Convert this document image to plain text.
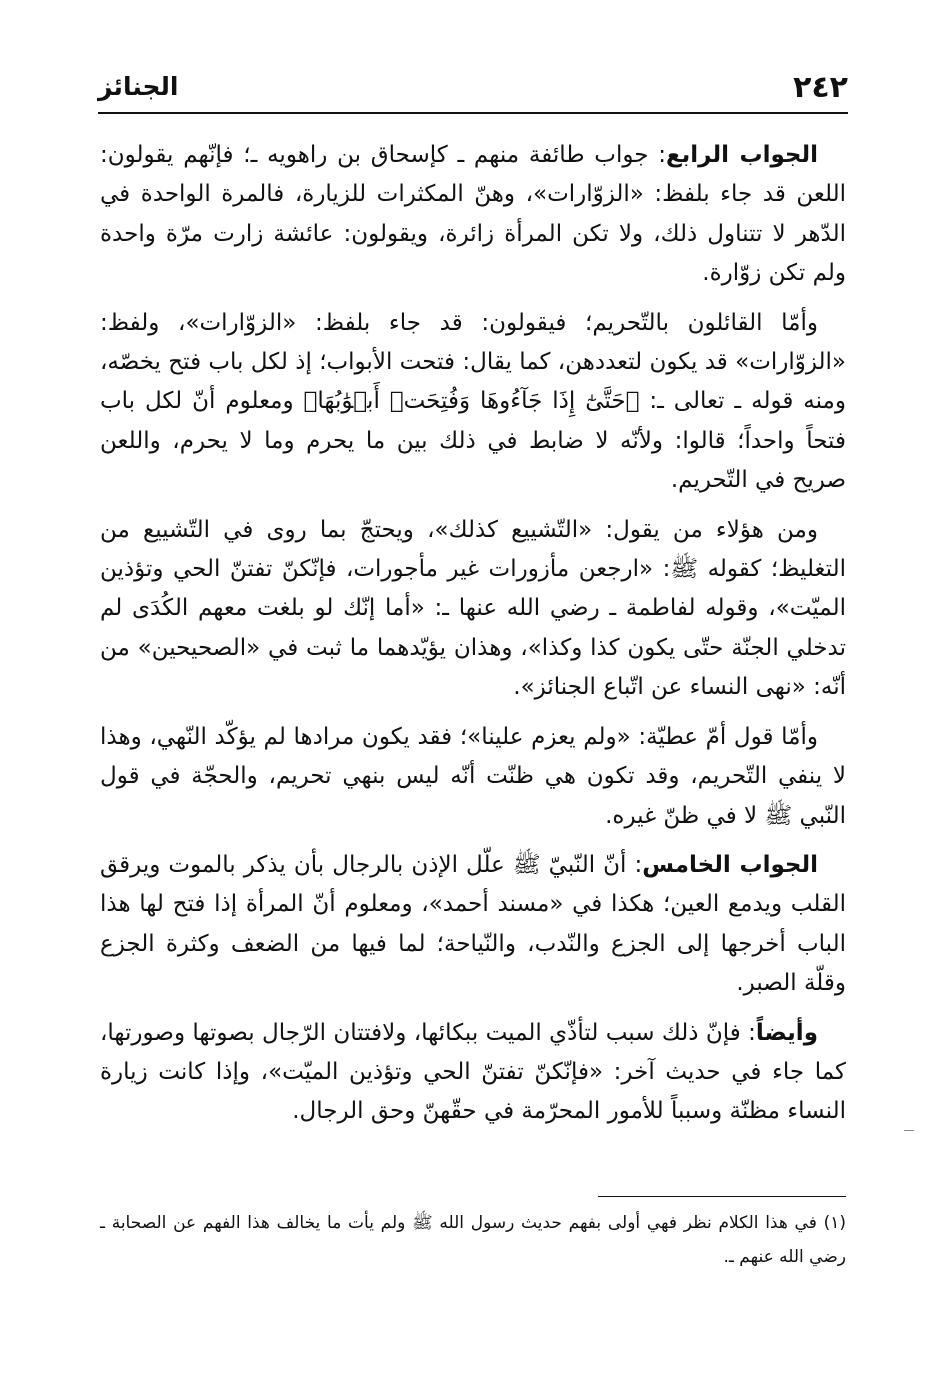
٢٤٢
الجنائز

الجواب الرابع: جواب طائفة منهم ـ كإسحاق بن راهويه ـ؛ فإنّهم يقولون: اللعن قد جاء بلفظ: «الزوّارات»، وهنّ المكثرات للزيارة، فالمرة الواحدة في الدّهر لا تتناول ذلك، ولا تكن المرأة زائرة، ويقولون: عائشة زارت مرّة واحدة ولم تكن زوّارة.

وأمّا القائلون بالتّحريم؛ فيقولون: قد جاء بلفظ: «الزوّارات»، ولفظ: «الزوّارات» قد يكون لتعددهن، كما يقال: فتحت الأبواب؛ إذ لكل باب فتح يخصّه، ومنه قوله ـ تعالى ـ: ﴿حَتَّىٰٓ إِذَا جَآءُوهَا وَفُتِحَتۡ أَبۡوَٰبُهَا﴾ ومعلوم أنّ لكل باب فتحاً واحداً؛ قالوا: ولأنّه لا ضابط في ذلك بين ما يحرم وما لا يحرم، واللعن صريح في التّحريم.

ومن هؤلاء من يقول: «التّشييع كذلك»، ويحتجّ بما روى في التّشييع من التغليظ؛ كقوله ﷺ: «ارجعن مأزورات غير مأجورات، فإنّكنّ تفتنّ الحي وتؤذين الميّت»، وقوله لفاطمة ـ رضي الله عنها ـ: «أما إنّك لو بلغت معهم الكُدَى لم تدخلي الجنّة حتّى يكون كذا وكذا»، وهذان يؤيّدهما ما ثبت في «الصحيحين» من أنّه: «نهى النساء عن اتّباع الجنائز».

وأمّا قول أمّ عطيّة: «ولم يعزم علينا»؛ فقد يكون مرادها لم يؤكّد النّهي، وهذا لا ينفي التّحريم، وقد تكون هي ظنّت أنّه ليس بنهي تحريم، والحجّة في قول النّبي ﷺ لا في ظنّ غيره.

الجواب الخامس: أنّ النّبيّ ﷺ علّل الإذن بالرجال بأن يذكر بالموت ويرقق القلب ويدمع العين؛ هكذا في «مسند أحمد»، ومعلوم أنّ المرأة إذا فتح لها هذا الباب أخرجها إلى الجزع والنّدب، والنّياحة؛ لما فيها من الضعف وكثرة الجزع وقلّة الصبر.

وأيضاً: فإنّ ذلك سبب لتأذّي الميت ببكائها، ولافتتان الرّجال بصوتها وصورتها، كما جاء في حديث آخر: «فإنّكنّ تفتنّ الحي وتؤذين الميّت»، وإذا كانت زيارة النساء مظنّة وسبباً للأمور المحرّمة في حقّهنّ وحق الرجال.

(١) في هذا الكلام نظر فهي أولى بفهم حديث رسول الله ﷺ ولم يأت ما يخالف هذا الفهم عن الصحابة ـ رضي الله عنهم ـ.
